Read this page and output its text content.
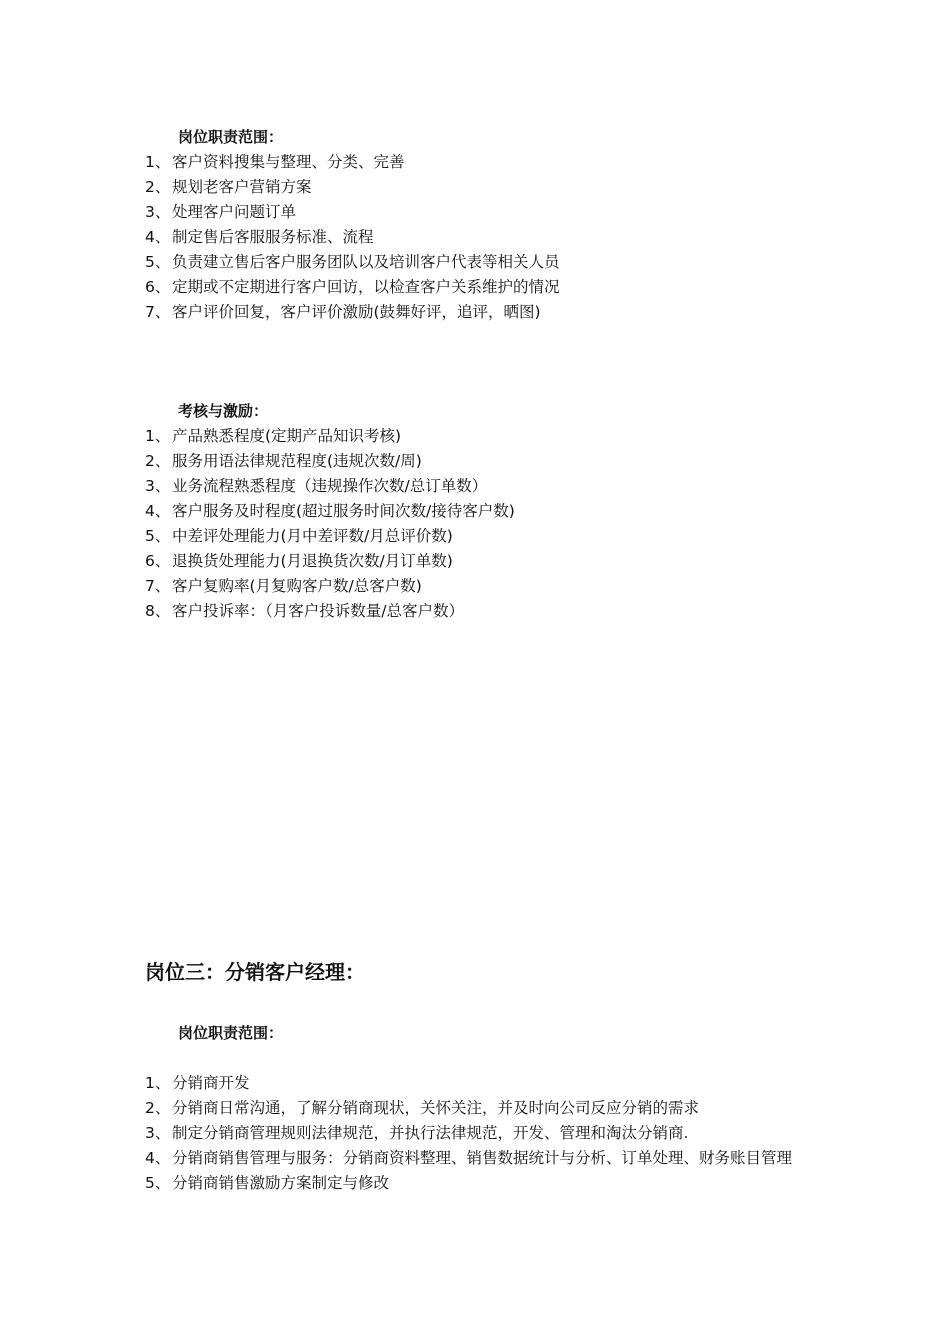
岗位职责范围：
1、 客户资料搜集与整理、分类、完善
2、 规划老客户营销方案
3、 处理客户问题订单
4、 制定售后客服服务标准、流程
5、 负责建立售后客户服务团队以及培训客户代表等相关人员
6、 定期或不定期进行客户回访，以检查客户关系维护的情况
7、 客户评价回复，客户评价激励(鼓舞好评，追评，晒图)
考核与激励：
1、 产品熟悉程度(定期产品知识考核)
2、 服务用语法律规范程度(违规次数/周)
3、 业务流程熟悉程度（违规操作次数/总订单数）
4、 客户服务及时程度(超过服务时间次数/接待客户数)
5、 中差评处理能力(月中差评数/月总评价数)
6、 退换货处理能力(月退换货次数/月订单数)
7、 客户复购率(月复购客户数/总客户数)
8、 客户投诉率：（月客户投诉数量/总客户数）
岗位三：分销客户经理：
岗位职责范围：
1、 分销商开发
2、 分销商日常沟通，了解分销商现状，关怀关注，并及时向公司反应分销的需求
3、 制定分销商管理规则法律规范，并执行法律规范，开发、管理和淘汰分销商.
4、 分销商销售管理与服务：分销商资料整理、销售数据统计与分析、订单处理、财务账目管理
5、 分销商销售激励方案制定与修改
